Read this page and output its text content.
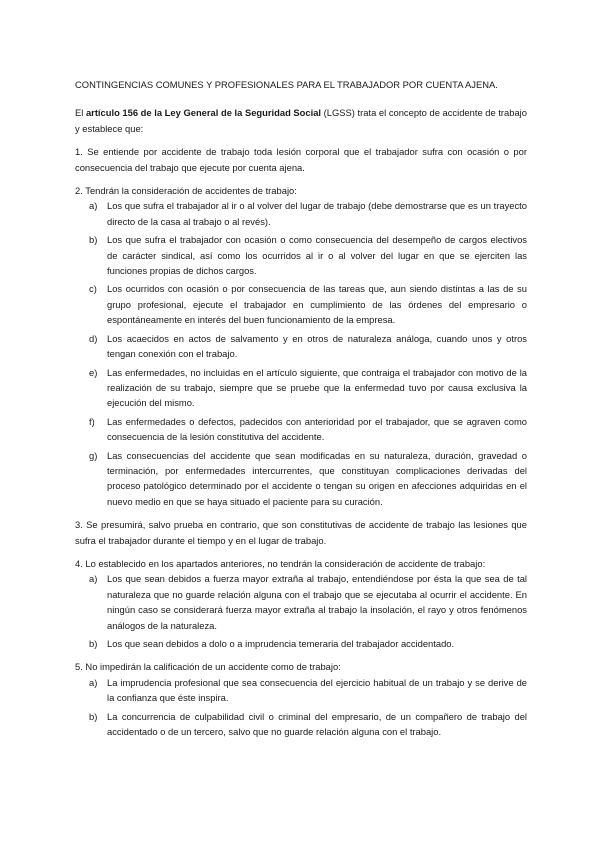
CONTINGENCIAS COMUNES Y PROFESIONALES PARA EL TRABAJADOR POR CUENTA AJENA.

El artículo 156 de la Ley General de la Seguridad Social (LGSS) trata el concepto de accidente de trabajo y establece que:

1. Se entiende por accidente de trabajo toda lesión corporal que el trabajador sufra con ocasión o por consecuencia del trabajo que ejecute por cuenta ajena.

2. Tendrán la consideración de accidentes de trabajo:

a) Los que sufra el trabajador al ir o al volver del lugar de trabajo (debe demostrarse que es un trayecto directo de la casa al trabajo o al revés).
b) Los que sufra el trabajador con ocasión o como consecuencia del desempeño de cargos electivos de carácter sindical, así como los ocurridos al ir o al volver del lugar en que se ejerciten las funciones propias de dichos cargos.
c) Los ocurridos con ocasión o por consecuencia de las tareas que, aun siendo distintas a las de su grupo profesional, ejecute el trabajador en cumplimiento de las órdenes del empresario o espontáneamente en interés del buen funcionamiento de la empresa.
d) Los acaecidos en actos de salvamento y en otros de naturaleza análoga, cuando unos y otros tengan conexión con el trabajo.
e) Las enfermedades, no incluidas en el artículo siguiente, que contraiga el trabajador con motivo de la realización de su trabajo, siempre que se pruebe que la enfermedad tuvo por causa exclusiva la ejecución del mismo.
f) Las enfermedades o defectos, padecidos con anterioridad por el trabajador, que se agraven como consecuencia de la lesión constitutiva del accidente.
g) Las consecuencias del accidente que sean modificadas en su naturaleza, duración, gravedad o terminación, por enfermedades intercurrentes, que constituyan complicaciones derivadas del proceso patológico determinado por el accidente o tengan su origen en afecciones adquiridas en el nuevo medio en que se haya situado el paciente para su curación.

3. Se presumirá, salvo prueba en contrario, que son constitutivas de accidente de trabajo las lesiones que sufra el trabajador durante el tiempo y en el lugar de trabajo.

4. Lo establecido en los apartados anteriores, no tendrán la consideración de accidente de trabajo:

a) Los que sean debidos a fuerza mayor extraña al trabajo, entendiéndose por ésta la que sea de tal naturaleza que no guarde relación alguna con el trabajo que se ejecutaba al ocurrir el accidente. En ningún caso se considerará fuerza mayor extraña al trabajo la insolación, el rayo y otros fenómenos análogos de la naturaleza.
b) Los que sean debidos a dolo o a imprudencia temeraria del trabajador accidentado.

5. No impedirán la calificación de un accidente como de trabajo:

a) La imprudencia profesional que sea consecuencia del ejercicio habitual de un trabajo y se derive de la confianza que éste inspira.
b) La concurrencia de culpabilidad civil o criminal del empresario, de un compañero de trabajo del accidentado o de un tercero, salvo que no guarde relación alguna con el trabajo.
